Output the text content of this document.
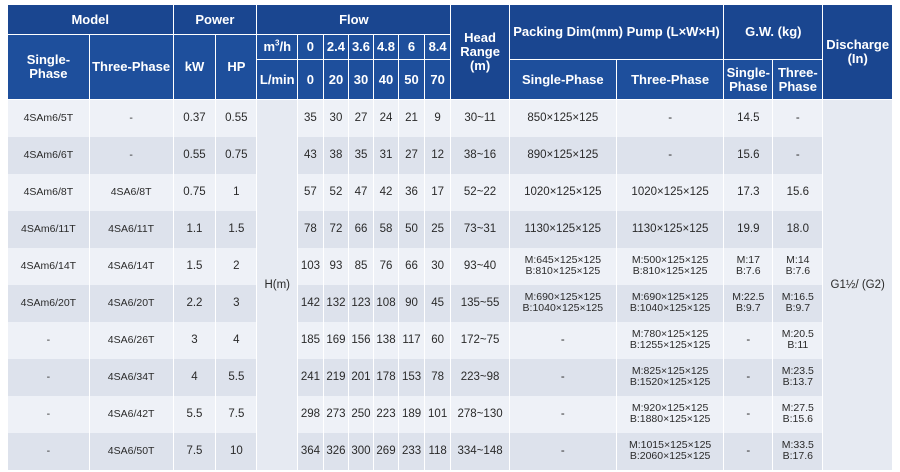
Model		Power		Flow							Head Range (m)	Packing Dim(mm) Pump (L×W×H)		G.W. (kg)		Discharge (In)
Single-Phase	Three-Phase	kW	HP	$m^3/h$	0	2.4	3.6	4.8	6	8.4						
				L/min	0	20	30	40	50	70		Single-Phase	Three-Phase	Single-Phase	Three-Phase	
4SAm6/5T	-	0.37	0.55	H(m)	35	30	27	24	21	9	30~11	850×125×125	-	14.5	-	G1½/ (G2)
4SAm6/6T	-	0.55	0.75		43	38	35	31	27	12	38~16	890×125×125	-	15.6	-	

4SAm6/8T	4SA6/8T	0.75	1		57	52	47	42	36	17	52~22	1020×125×125	1020×125×125	17.3	15.6	

4SAm6/11T	4SA6/11T	1.1	1.5		78	72	66	58	50	25	73~31	1130×125×125	1130×125×125	19.9	18.0	

4SAm6/14T	4SA6/14T	1.5	2		103	93	85	76	66	30	93~40	M:645×125×125
B:810×125×125	M:500×125×125
B:810×125×125	M:17
B:7.6	M:14
B:7.6	

4SAm6/20T	4SA6/20T	2.2	3		142	132	123	108	90	45	135~55	M:690×125×125
B:1040×125×125	M:690×125×125
B:1040×125×125	M:22.5
B:9.7	M:16.5
B:9.7	

-	4SA6/26T	3	4		185	169	156	138	117	60	172~75	-	M:780×125×125
B:1255×125×125	-	M:20.5
B:11	

-	4SA6/34T	4	5.5		241	219	201	178	153	78	223~98	-	M:825×125×125
B:1520×125×125	-	M:23.5
B:13.7	

-	4SA6/42T	5.5	7.5		298	273	250	223	189	101	278~130	-	M:920×125×125
B:1880×125×125	-	M:27.5
B:15.6	

-	4SA6/50T	7.5	10		364	326	300	269	233	118	334~148	-	M:1015×125×125
B:2060×125×125	-	M:33.5
B:17.6	
